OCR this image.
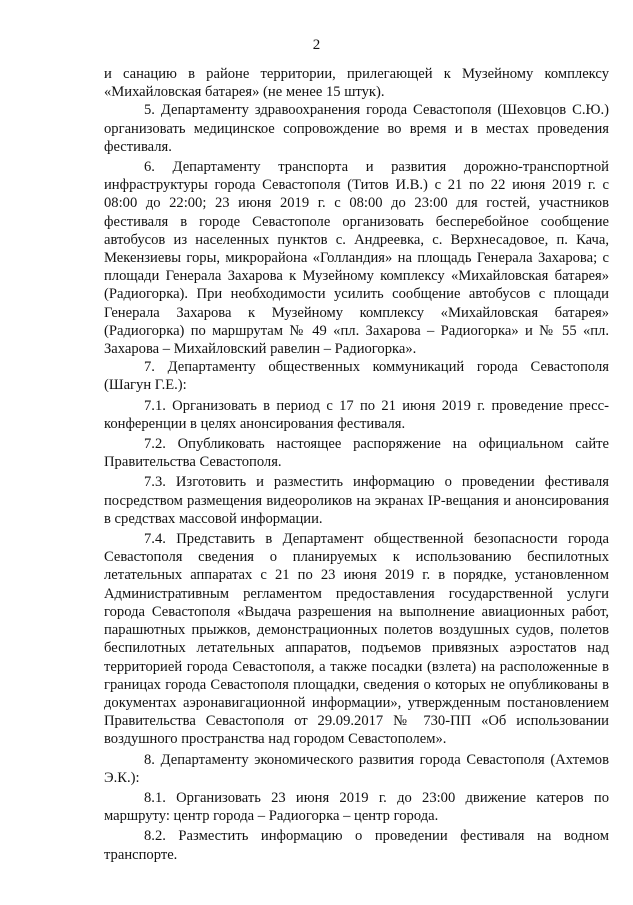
2

и санацию в районе территории, прилегающей к Музейному комплексу «Михайловская батарея» (не менее 15 штук).

5. Департаменту здравоохранения города Севастополя (Шеховцов С.Ю.) организовать медицинское сопровождение во время и в местах проведения фестиваля.

6. Департаменту транспорта и развития дорожно-транспортной инфраструктуры города Севастополя (Титов И.В.) с 21 по 22 июня 2019 г. с 08:00 до 22:00; 23 июня 2019 г. с 08:00 до 23:00 для гостей, участников фестиваля в городе Севастополе организовать бесперебойное сообщение автобусов из населенных пунктов с. Андреевка, с. Верхнесадовое, п. Кача, Мекензиевы горы, микрорайона «Голландия» на площадь Генерала Захарова; с площади Генерала Захарова к Музейному комплексу «Михайловская батарея» (Радиогорка). При необходимости усилить сообщение автобусов с площади Генерала Захарова к Музейному комплексу «Михайловская батарея» (Радиогорка) по маршрутам № 49 «пл. Захарова – Радиогорка» и № 55 «пл. Захарова – Михайловский равелин – Радиогорка».

7. Департаменту общественных коммуникаций города Севастополя (Шагун Г.Е.):

7.1. Организовать в период с 17 по 21 июня 2019 г. проведение пресс-конференции в целях анонсирования фестиваля.

7.2. Опубликовать настоящее распоряжение на официальном сайте Правительства Севастополя.

7.3. Изготовить и разместить информацию о проведении фестиваля посредством размещения видеороликов на экранах IP-вещания и анонсирования в средствах массовой информации.

7.4. Представить в Департамент общественной безопасности города Севастополя сведения о планируемых к использованию беспилотных летательных аппаратах с 21 по 23 июня 2019 г. в порядке, установленном Административным регламентом предоставления государственной услуги города Севастополя «Выдача разрешения на выполнение авиационных работ, парашютных прыжков, демонстрационных полетов воздушных судов, полетов беспилотных летательных аппаратов, подъемов привязных аэростатов над территорией города Севастополя, а также посадки (взлета) на расположенные в границах города Севастополя площадки, сведения о которых не опубликованы в документах аэронавигационной информации», утвержденным постановлением Правительства Севастополя от 29.09.2017 № 730-ПП «Об использовании воздушного пространства над городом Севастополем».

8. Департаменту экономического развития города Севастополя (Ахтемов Э.К.):

8.1. Организовать 23 июня 2019 г. до 23:00 движение катеров по маршруту: центр города – Радиогорка – центр города.

8.2. Разместить информацию о проведении фестиваля на водном транспорте.
